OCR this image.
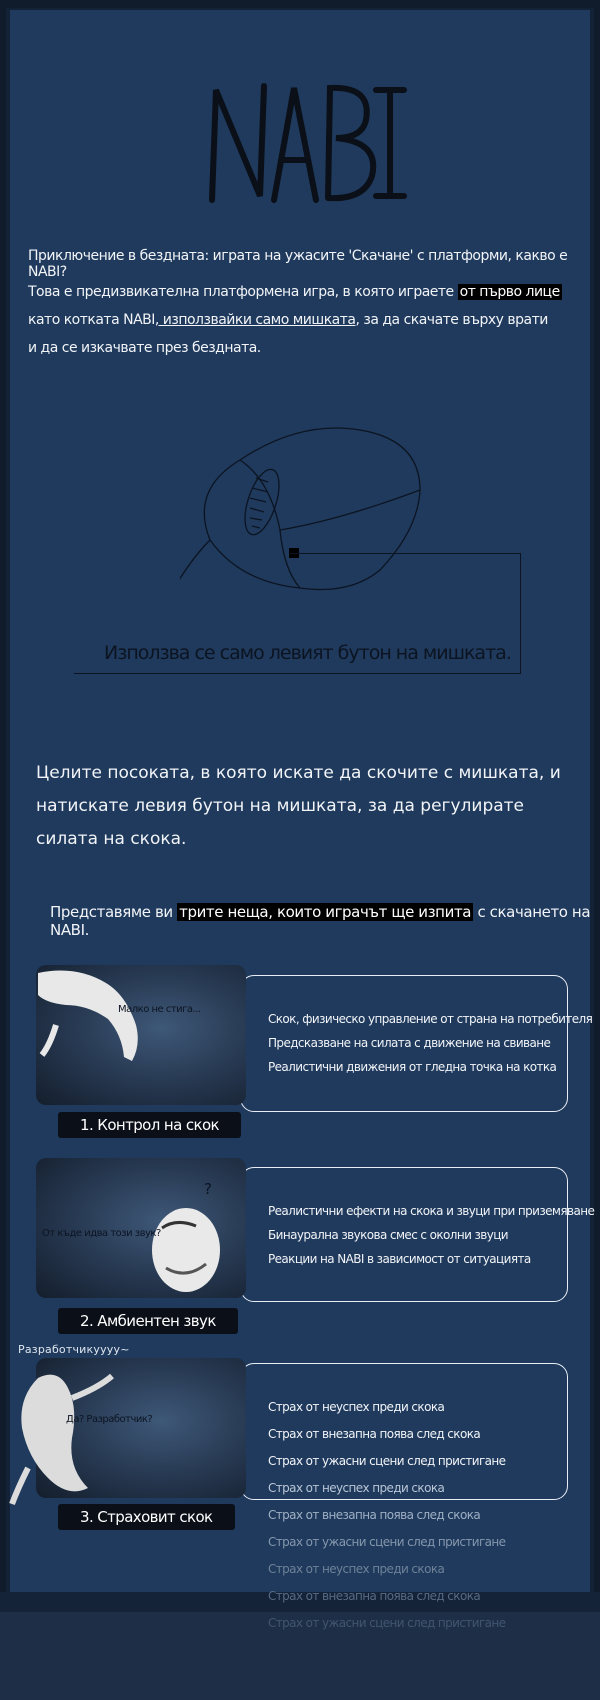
Приключение в бездната: играта на ужасите 'Скачане' с платформи, какво е NABI?
Това е предизвикателна платформена игра, в която играете от първо лице
като котката NABI, използвайки само мишката, за да скачате върху врати
и да се изкачвате през бездната.
Използва се само левият бутон на мишката.
Целите посоката, в която искате да скочите с мишката, и натискате левия бутон на мишката, за да регулирате силата на скока.
Представяме ви трите неща, които играчът ще изпита с скачането на NABI.
Малко не стига...
Скок, физическо управление от страна на потребителя
Предсказване на силата с движение на свиване
Реалистични движения от гледна точка на котка
1. Контрол на скок
?
От къде идва този звук?
Реалистични ефекти на скока и звуци при приземяване
Бинаурална звукова смес с околни звуци
Реакции на NABI в зависимост от ситуацията
2. Амбиентен звук
Разработчикуууу~
Да? Разработчик?
Страх от неуспех преди скока
Страх от внезапна поява след скока
Страх от ужасни сцени след пристигане
Страх от неуспех преди скока
Страх от внезапна поява след скока
Страх от ужасни сцени след пристигане
Страх от неуспех преди скока
Страх от внезапна поява след скока
Страх от ужасни сцени след пристигане
3. Страховит скок
